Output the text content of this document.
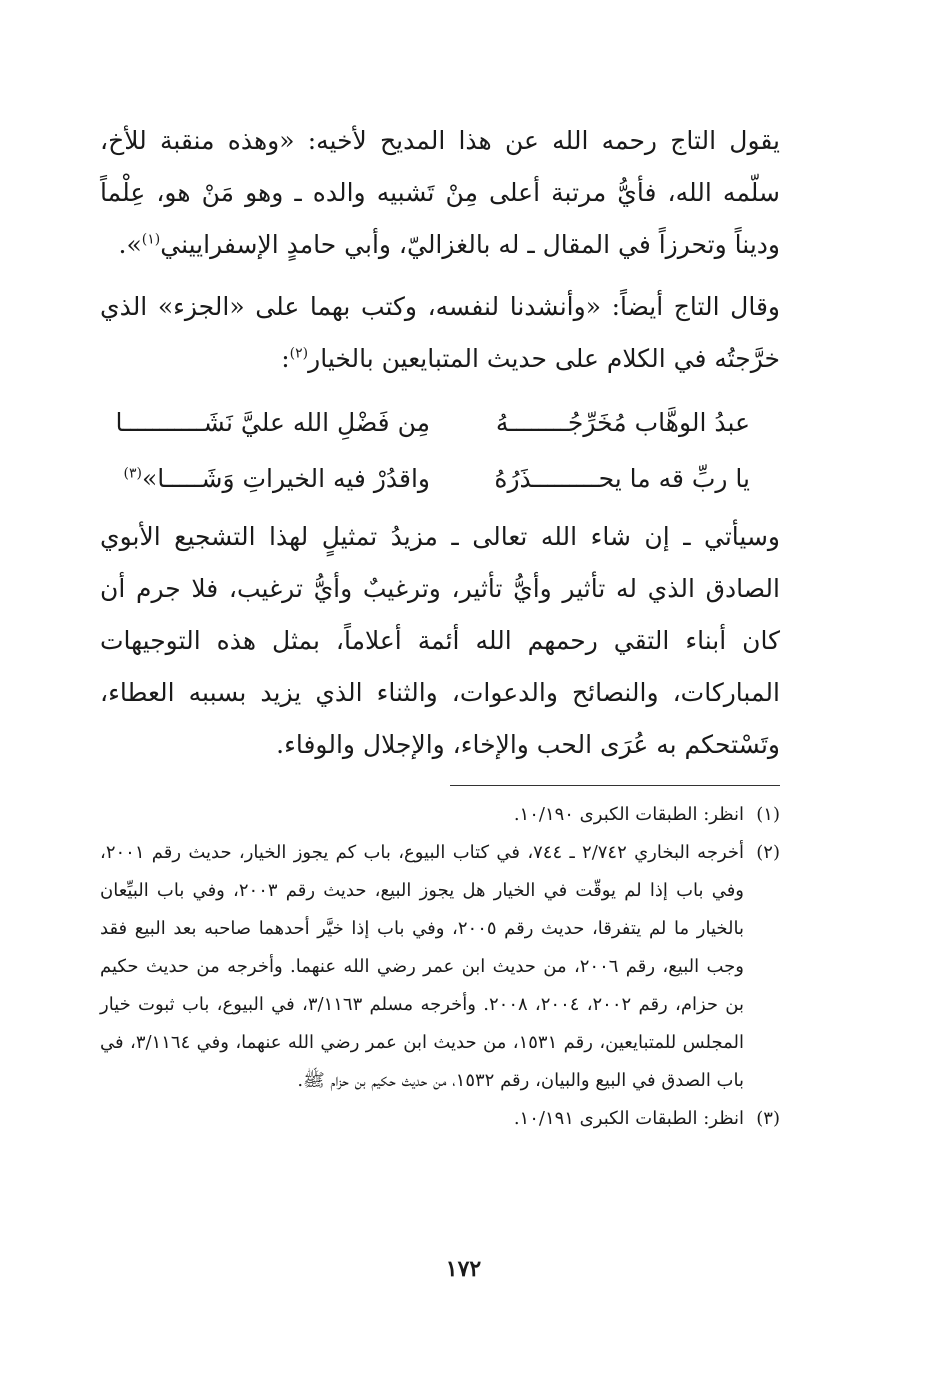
يقول التاج رحمه الله عن هذا المديح لأخيه: «وهذه منقبة للأخ، سلّمه الله، فأيُّ مرتبة أعلى مِنْ تَشبيه والده ـ وهو مَنْ هو، عِلْماً وديناً وتحرزاً في المقال ـ له بالغزاليّ، وأبي حامدٍ الإسفراييني$^{(١)}$».

وقال التاج أيضاً: «وأنشدنا لنفسه، وكتب بهما على «الجزء» الذي خرَّجتُه في الكلام على حديث المتبايعين بالخيار$^{(٢)}$:

عبدُ الوهَّاب مُخَرِّجُــــــــهُ
مِن فَضْلِ الله عليَّ نَشَـــــــــــا
يا ربِّ قه ما يحـــــــــذَرُهُ
واقدُرْ فيه الخيراتِ وَشَـــــا»$^{(٣)}$

وسيأتي ـ إن شاء الله تعالى ـ مزيدُ تمثيلٍ لهذا التشجيع الأبوي الصادق الذي له تأثير وأيُّ تأثير، وترغيبٌ وأيُّ ترغيب، فلا جرم أن كان أبناء التقي رحمهم الله أئمة أعلاماً، بمثل هذه التوجيهات المباركات، والنصائح والدعوات، والثناء الذي يزيد بسببه العطاء، وتَسْتحكم به عُرَى الحب والإخاء، والإجلال والوفاء.

(١)
انظر: الطبقات الكبرى ١٠/١٩٠.
(٢)
أخرجه البخاري ٢/٧٤٢ ـ ٧٤٤، في كتاب البيوع، باب كم يجوز الخيار، حديث رقم ٢٠٠١، وفي باب إذا لم يوقّت في الخيار هل يجوز البيع، حديث رقم ٢٠٠٣، وفي باب البيِّعان بالخيار ما لم يتفرقا، حديث رقم ٢٠٠٥، وفي باب إذا خيَّر أحدهما صاحبه بعد البيع فقد وجب البيع، رقم ٢٠٠٦، من حديث ابن عمر رضي الله عنهما. وأخرجه من حديث حكيم بن حزام، رقم ٢٠٠٢، ٢٠٠٤، ٢٠٠٨. وأخرجه مسلم ٣/١١٦٣، في البيوع، باب ثبوت خيار المجلس للمتبايعين، رقم ١٥٣١، من حديث ابن عمر رضي الله عنهما، وفي ٣/١١٦٤، في باب الصدق في البيع والبيان، رقم ١٥٣٢، من حديث حكيم بن حزام ﷺ.
(٣)
انظر: الطبقات الكبرى ١٠/١٩١.
١٧٢
